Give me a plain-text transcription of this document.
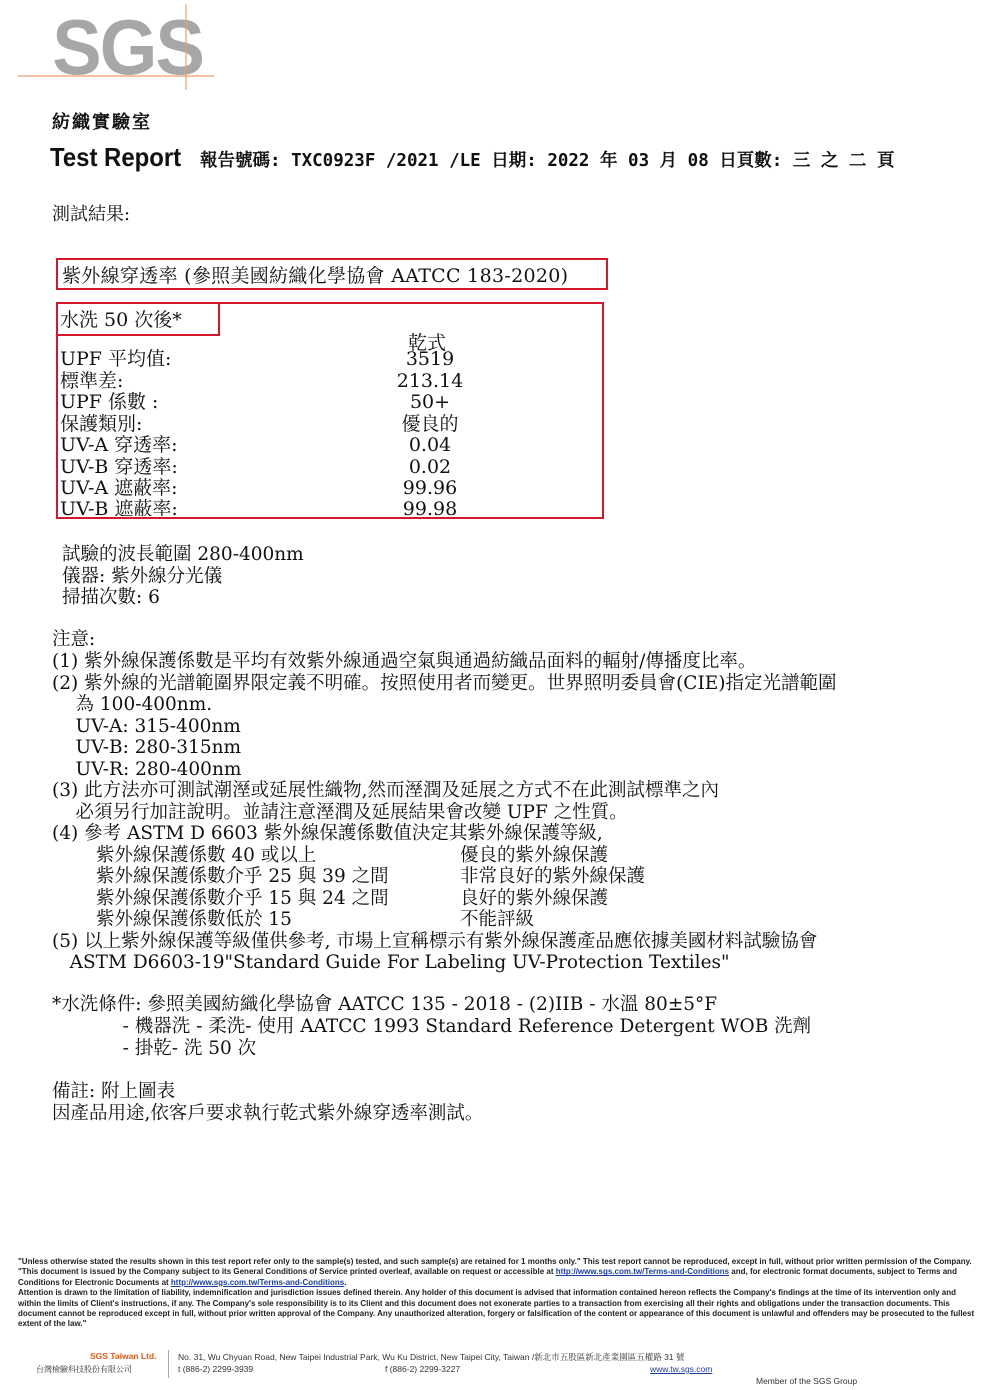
SGS
紡織實驗室

Test Report

報告號碼: TXC0923F /2021 /LE 日期: 2022 年 03 月 08 日頁數: 三 之 二 頁

測試結果:
紫外線穿透率 (參照美國紡織化學協會 AATCC 183-2020)
水洗 50 次後*
乾式
UPF 平均值:	3519
標準差:	213.14
UPF 係數 :	50+
保護類別:	優良的
UV-A 穿透率:	0.04
UV-B 穿透率:	0.02
UV-A 遮蔽率:	99.96
UV-B 遮蔽率:	99.98
試驗的波長範圍 280-400nm
儀器: 紫外線分光儀
掃描次數: 6
注意:
(1) 紫外線保護係數是平均有效紫外線通過空氣與通過紡織品面料的輻射/傳播度比率。
(2) 紫外線的光譜範圍界限定義不明確。按照使用者而變更。世界照明委員會(CIE)指定光譜範圍
為 100-400nm.
UV-A: 315-400nm
UV-B: 280-315nm
UV-R: 280-400nm
(3) 此方法亦可測試潮溼或延展性織物,然而溼潤及延展之方式不在此測試標準之內
必須另行加註說明。並請注意溼潤及延展結果會改變 UPF 之性質。
(4) 參考 ASTM D 6603 紫外線保護係數值決定其紫外線保護等級,
紫外線保護係數 40 或以上	優良的紫外線保護
紫外線保護係數介乎 25 與 39 之間	非常良好的紫外線保護
紫外線保護係數介乎 15 與 24 之間	良好的紫外線保護
紫外線保護係數低於 15	不能評級
(5) 以上紫外線保護等級僅供參考, 市場上宣稱標示有紫外線保護產品應依據美國材料試驗協會
ASTM D6603-19"Standard Guide For Labeling UV-Protection Textiles"
*水洗條件: 參照美國紡織化學協會 AATCC 135 - 2018 - (2)IIB - 水溫 80±5°F
- 機器洗 - 柔洗- 使用 AATCC 1993 Standard Reference Detergent WOB 洗劑
- 掛乾- 洗 50 次
備註: 附上圖表
因產品用途,依客戶要求執行乾式紫外線穿透率測試。
"Unless otherwise stated the results shown in this test report refer only to the sample(s) tested, and such sample(s) are retained for 1 months only." This test report cannot be reproduced, except in full, without prior written permission of the Company.
"This document is issued by the Company subject to its General Conditions of Service printed overleaf, available on request or accessible at http://www.sgs.com.tw/Terms-and-Conditions and, for electronic format documents, subject to Terms and Conditions for Electronic Documents at http://www.sgs.com.tw/Terms-and-Conditions.
Attention is drawn to the limitation of liability, indemnification and jurisdiction issues defined therein. Any holder of this document is advised that information contained hereon reflects the Company's findings at the time of its intervention only and within the limits of Client's instructions, if any. The Company's sole responsibility is to its Client and this document does not exonerate parties to a transaction from exercising all their rights and obligations under the transaction documents. This document cannot be reproduced except in full, without prior written approval of the Company. Any unauthorized alteration, forgery or falsification of the content or appearance of this document is unlawful and offenders may be prosecuted to the fullest extent of the law."
SGS Taiwan Ltd.
台灣檢驗科技股份有限公司
No. 31, Wu Chyuan Road, New Taipei Industrial Park, Wu Ku District, New Taipei City, Taiwan /新北市五股區新北產業園區五權路 31 號
t (886-2) 2299-3939	f (886-2) 2299-3227	www.tw.sgs.com
Member of the SGS Group
